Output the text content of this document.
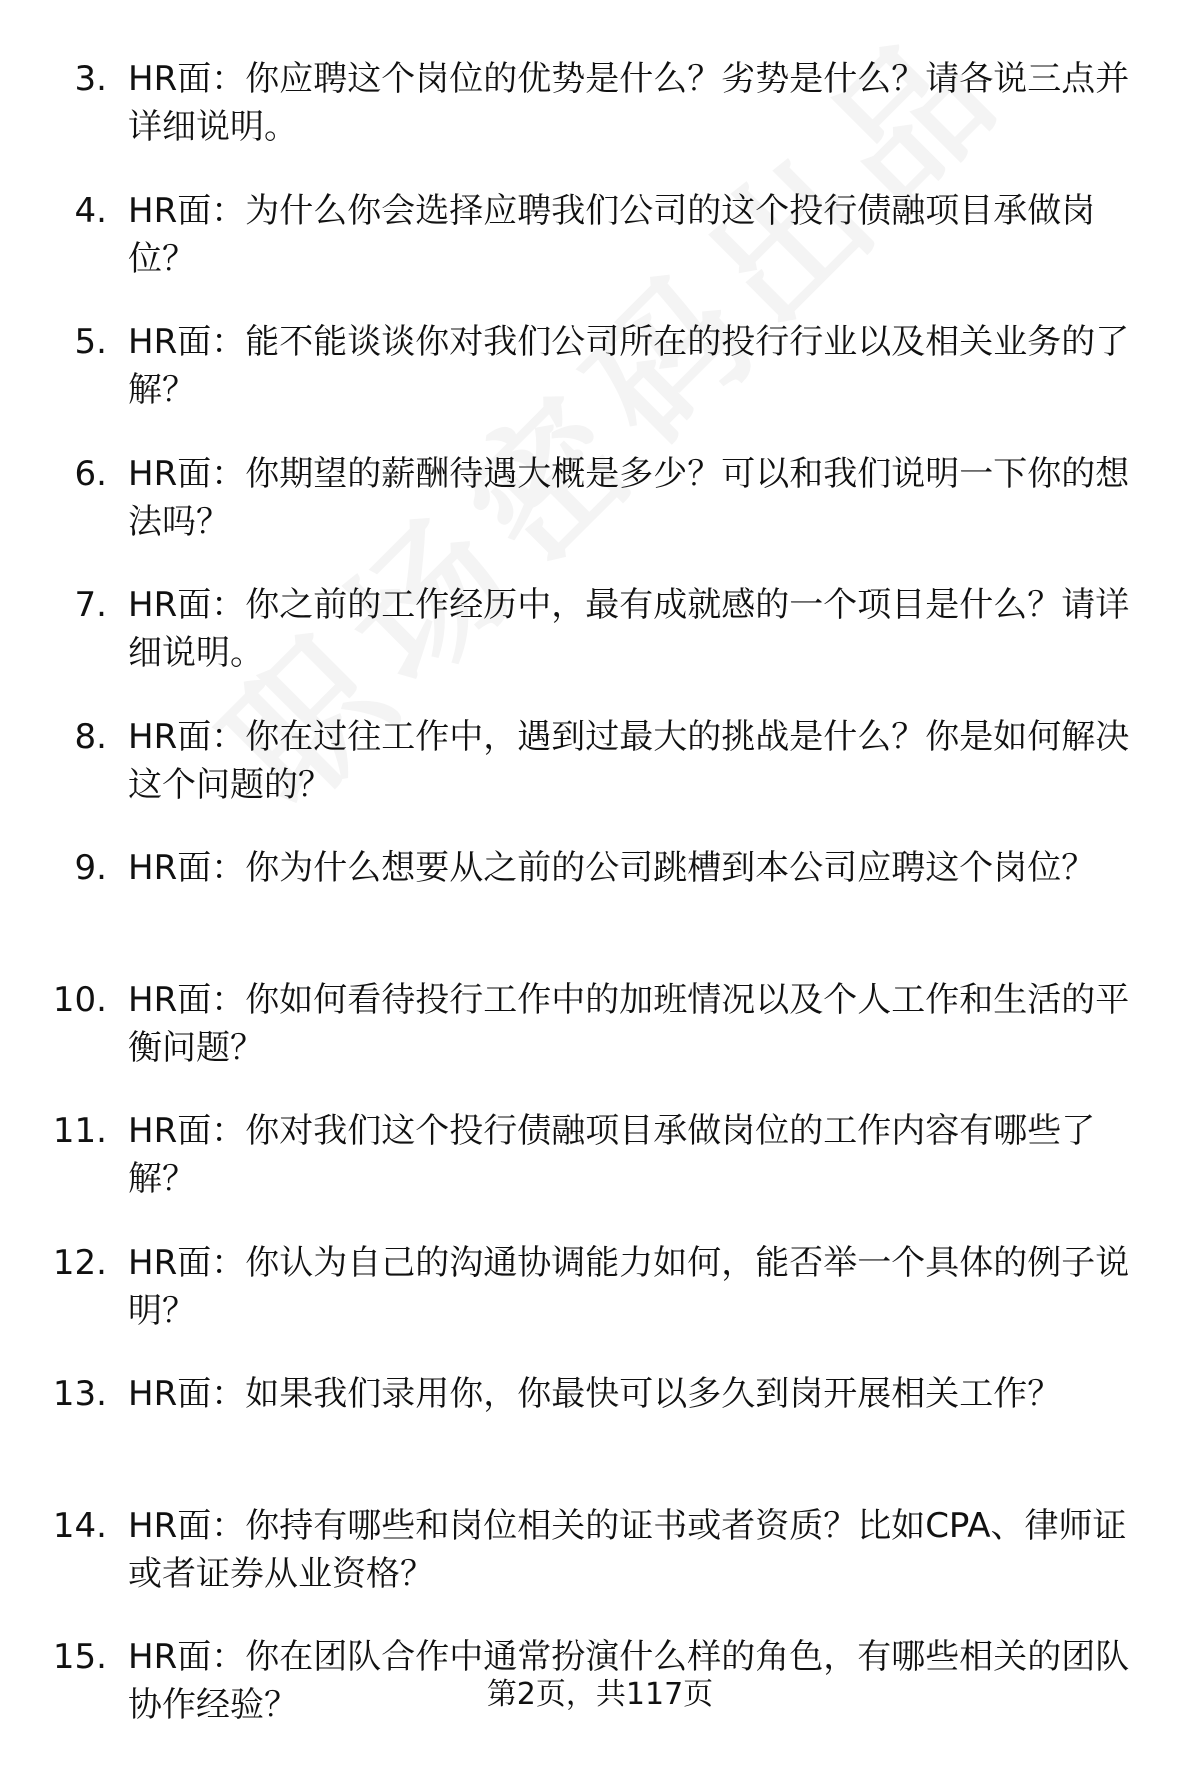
3. HR面：你应聘这个岗位的优势是什么？劣势是什么？请各说三点并详细说明。
4. HR面：为什么你会选择应聘我们公司的这个投行债融项目承做岗位？
5. HR面：能不能谈谈你对我们公司所在的投行行业以及相关业务的了解？
6. HR面：你期望的薪酬待遇大概是多少？可以和我们说明一下你的想法吗？
7. HR面：你之前的工作经历中，最有成就感的一个项目是什么？请详细说明。
8. HR面：你在过往工作中，遇到过最大的挑战是什么？你是如何解决这个问题的？
9. HR面：你为什么想要从之前的公司跳槽到本公司应聘这个岗位？
10. HR面：你如何看待投行工作中的加班情况以及个人工作和生活的平衡问题？
11. HR面：你对我们这个投行债融项目承做岗位的工作内容有哪些了解？
12. HR面：你认为自己的沟通协调能力如何，能否举一个具体的例子说明？
13. HR面：如果我们录用你，你最快可以多久到岗开展相关工作？
14. HR面：你持有哪些和岗位相关的证书或者资质？比如CPA、律师证或者证券从业资格？
15. HR面：你在团队合作中通常扮演什么样的角色，有哪些相关的团队协作经验？	第2页，共117页
